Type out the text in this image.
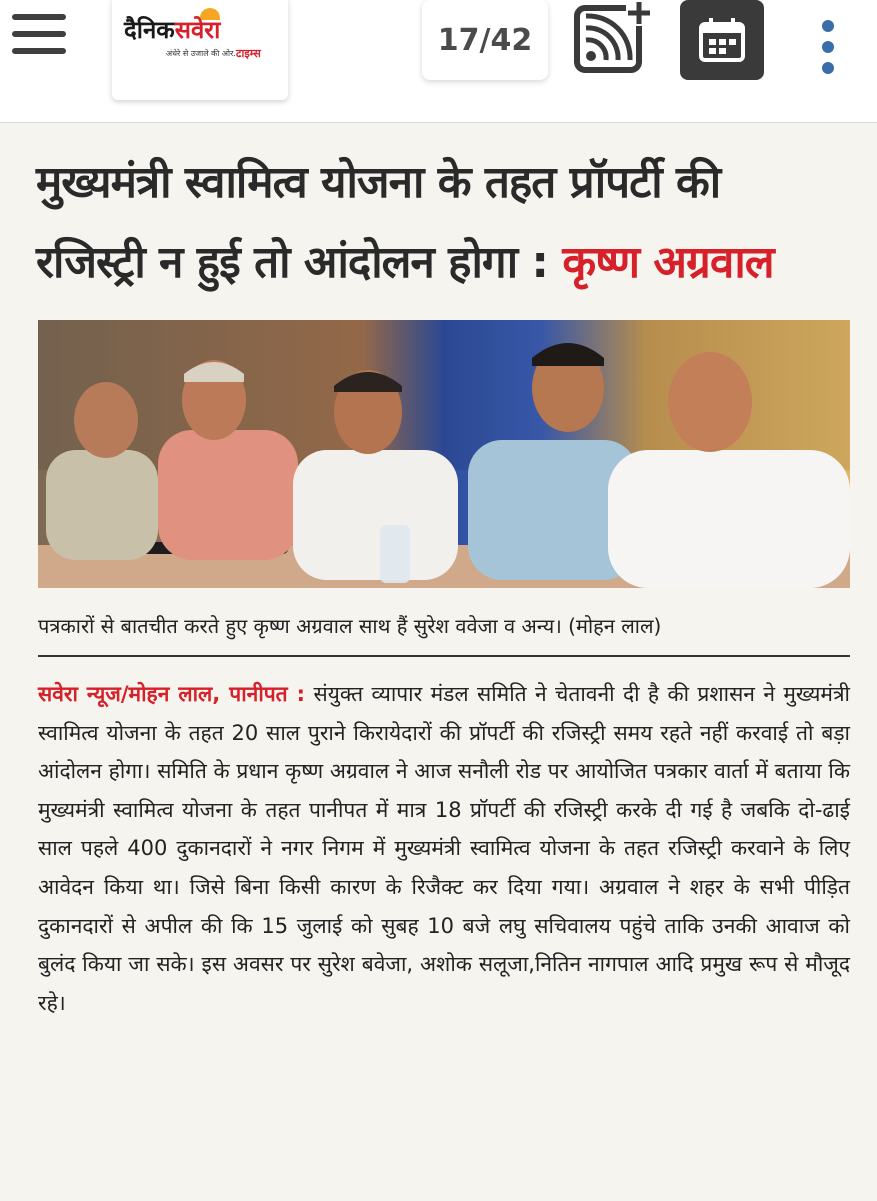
दैनिकसवेरा
अंधेरे से उजाले की ओर...
टाइम्स	17/42
मुख्यमंत्री स्वामित्व योजना के तहत प्रॉपर्टी की
रजिस्ट्री न हुई तो आंदोलन होगा : कृष्ण अग्रवाल
पत्रकारों से बातचीत करते हुए कृष्ण अग्रवाल साथ हैं सुरेश ववेजा व अन्य। (मोहन लाल)
सवेरा न्यूज/मोहन लाल, पानीपत : संयुक्त व्यापार मंडल समिति ने चेतावनी दी है की प्रशासन ने मुख्यमंत्री स्वामित्व योजना के तहत 20 साल पुराने किरायेदारों की प्रॉपर्टी की रजिस्ट्री समय रहते नहीं करवाई तो बड़ा आंदोलन होगा। समिति के प्रधान कृष्ण अग्रवाल ने आज सनौली रोड पर आयोजित पत्रकार वार्ता में बताया कि मुख्यमंत्री स्वामित्व योजना के तहत पानीपत में मात्र 18 प्रॉपर्टी की रजिस्ट्री करके दी गई है जबकि दो-ढाई साल पहले 400 दुकानदारों ने नगर निगम में मुख्यमंत्री स्वामित्व योजना के तहत रजिस्ट्री करवाने के लिए आवेदन किया था। जिसे बिना किसी कारण के रिजैक्ट कर दिया गया। अग्रवाल ने शहर के सभी पीड़ित दुकानदारों से अपील की कि 15 जुलाई को सुबह 10 बजे लघु सचिवालय पहुंचे ताकि उनकी आवाज को बुलंद किया जा सके। इस अवसर पर सुरेश बवेजा, अशोक सलूजा,नितिन नागपाल आदि प्रमुख रूप से मौजूद रहे।
